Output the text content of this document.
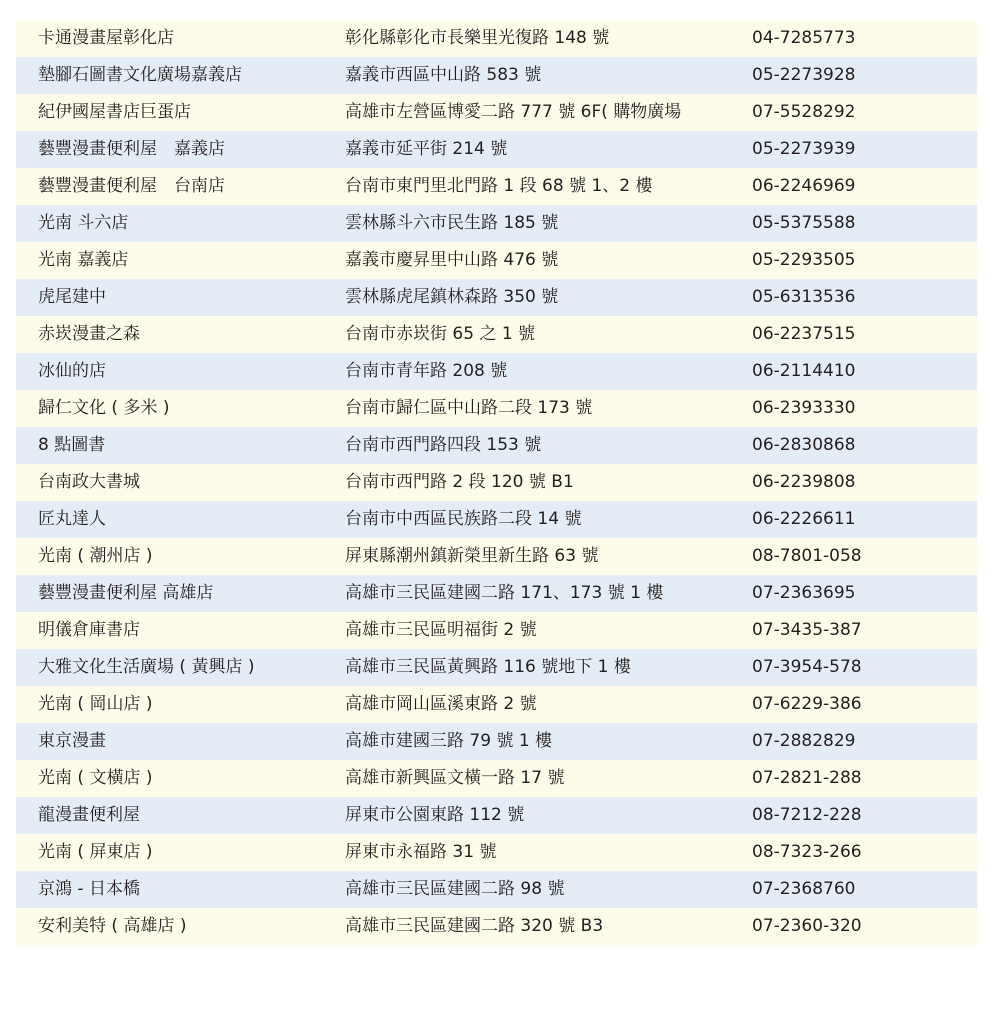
卡通漫畫屋彰化店	彰化縣彰化市長樂里光復路 148 號	04-7285773
墊腳石圖書文化廣場嘉義店	嘉義市西區中山路 583 號	05-2273928
紀伊國屋書店巨蛋店	高雄市左營區博愛二路 777 號 6F( 購物廣場	07-5528292
藝豐漫畫便利屋　嘉義店	嘉義市延平街 214 號	05-2273939
藝豐漫畫便利屋　台南店	台南市東門里北門路 1 段 68 號 1、2 樓	06-2246969
光南 斗六店	雲林縣斗六市民生路 185 號	05-5375588
光南 嘉義店	嘉義市慶昇里中山路 476 號	05-2293505
虎尾建中	雲林縣虎尾鎮林森路 350 號	05-6313536
赤崁漫畫之森	台南市赤崁街 65 之 1 號	06-2237515
冰仙的店	台南市青年路 208 號	06-2114410
歸仁文化 ( 多米 )	台南市歸仁區中山路二段 173 號	06-2393330
8 點圖書	台南市西門路四段 153 號	06-2830868
台南政大書城	台南市西門路 2 段 120 號 B1	06-2239808
匠丸達人	台南市中西區民族路二段 14 號	06-2226611
光南 ( 潮州店 )	屏東縣潮州鎮新榮里新生路 63 號	08-7801-058
藝豐漫畫便利屋 高雄店	高雄市三民區建國二路 171、173 號 1 樓	07-2363695
明儀倉庫書店	高雄市三民區明福街 2 號	07-3435-387
大雅文化生活廣場 ( 黃興店 )	高雄市三民區黃興路 116 號地下 1 樓	07-3954-578
光南 ( 岡山店 )	高雄市岡山區溪東路 2 號	07-6229-386
東京漫畫	高雄市建國三路 79 號 1 樓	07-2882829
光南 ( 文橫店 )	高雄市新興區文橫一路 17 號	07-2821-288
龍漫畫便利屋	屏東市公園東路 112 號	08-7212-228
光南 ( 屏東店 )	屏東市永福路 31 號	08-7323-266
京鴻 - 日本橋	高雄市三民區建國二路 98 號	07-2368760
安利美特 ( 高雄店 )	高雄市三民區建國二路 320 號 B3	07-2360-320
